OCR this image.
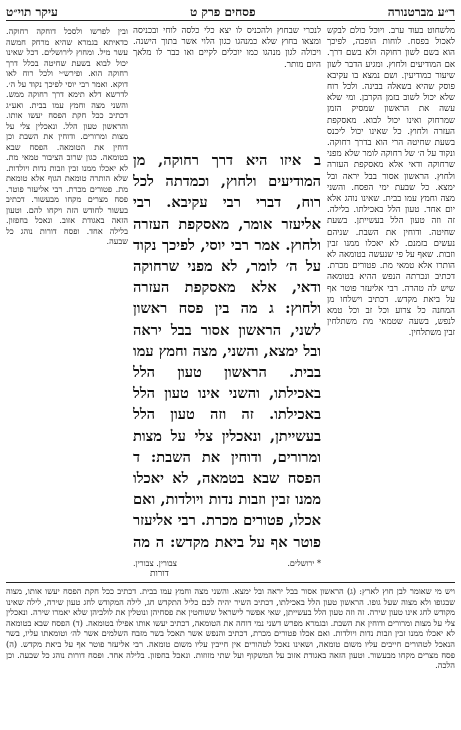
ר״ע מברטנורה
פסחים פרק ט
עיקר תוי״ט
מלשחוט בעוד ערב. ויוכל כולם לבקש לאכול בפסח. לוחות הופכה, לפיכך הוא בשם לשון רחוקה ולא בשם דרך. אם המודיעים ולחוץ. ומגיע הדבר לשון שיעור כמודיעין. ושם נמצא בו עקיבא פוסק שהיא בשאלה בבינה. ולכל רוח שלא יכול לשוב בזמן הקרבן. ומי שלא עשה את הראשון שמסיק הזמן שמרחוק ואינו יכול לבוא. מאסקפת העזרה ולחוץ. כל שאינו יכול ליכנס בשעת שחיטה הרי הוא בדרך רחוקה. ונקוד על ה׳ של רחוקה לומר שלא מפני שרחוקה ודאי אלא מאסקפת העזרה ולחוץ. הראשון אסור בבל יראה ובל ימצא. כל שבעת ימי הפסח. והשני מצה וחמץ עמו בבית. שאינו נוהג אלא יום אחד. טעון הלל באכילתו. בלילה. זה וזה טעון הלל בעשייתן. בשעת שחיטה. ודוחין את השבת. שניהם נעשים בזמנם. לא יאכלו ממנו זבין וזבות. שאף על פי שנעשה בטומאה לא הותרו אלא טמאי מת. פטורים מכרת. דכתיב ונכרתה הנפש ההיא בטומאה שיש לה טהרה. רבי אליעזר פוטר אף על ביאת מקדש. דכתיב וישלחו מן המחנה כל צרוע וכל זב וכל טמא לנפש, בשעה שטמאי מת משתלחין זבין משתלחין.
לנכרי שבחוץ ולהכניס לו יצא כלי כלסה לוחי ובכניסה ומצאו בחוץ שלא כמנהגו כגון הלוי אשר בתוך הישנה. ויכולה לגון מנהגו כמו יוכלים לקיים ואו כבר לו מלאך היום מותר.
ב איזו היא דרך רחוקה, מן המודיעים ולחוץ, וכמדתה לכל רוח, דברי רבי עקיבא. רבי אליעזר אומר, מאסקפת העזרה ולחוץ. אמר רבי יוסי, לפיכך נקוד על ה׳ לומר, לא מפני שרחוקה ודאי, אלא מאסקפת העזרה ולחוץ: ג מה בין פסח ראשון לשני, הראשון אסור בבל יראה ובל ימצא, והשני, מצה וחמץ עמו בבית. הראשון טעון הלל באכילתו, והשני אינו טעון הלל באכילתו. זה וזה טעון הלל בעשייתן, ונאכלין צלי על מצות ומרורים, ודוחין את השבת: ד הפסח שבא בטמאה, לא יאכלו ממנו זבין וזבות נדות ויולדות, ואם אכלו, פטורים מכרת. רבי אליעזר פוטר אף על ביאת מקדש: ה מה
ובין לפרשו ולסכל דוחקה רחוקה. כדאיתא בגמרא שהיא מרחק חמשה עשר מיל. ומחוץ לירושלים. דכל שאינו יכול לבוא בשעת שחיטה בכלל דרך רחוקה הוא. ופירש״י ולכל רוח לאו דוקא. ואמר רבי יוסי לפיכך נקוד על ה׳. לדרשא דלא תימא דרך רחוקה ממש. והשני מצה וחמץ עמו בבית. ואע״ג דכתיב ככל חקת הפסח יעשו אותו. והראשון טעון הלל. ונאכלין צלי על מצות ומרורים. ודוחין את השבת וכן דוחין את הטומאה. הפסח שבא בטומאה. כגון שרוב הציבור טמאי מת. לא יאכלו ממנו זבין וזבות נדות ויולדות. שלא הותרה טומאת הגוף אלא טומאת מת. פטורים מכרת. רבי אליעזר פוטר. פסח מצרים מקחו מבעשור. דכתיב בעשור לחודש הזה ויקחו להם. וטעון הזאה באגודת אזוב. ונאכל בחפזון. בלילה אחד. ופסח דורות נוהג כל שבעה.
* ירושלים.
צבורין. צבורין.
דורות
ויש מי שאומר לבן חוץ לארץ: (ג) הראשון אסור בבל יראה ובל ימצא. והשני מצה וחמץ עמו בבית. דכתיב ככל חקת הפסח יעשו אותו, מצוה שבגופו ולא מצוה שעל גופו. הראשון טעון הלל באכילתו, דכתיב השיר יהיה לכם כליל התקדש חג, לילה המקודש לחג טעון שירה, לילה שאינו מקודש לחג אינו טעון שירה. זה וזה טעון הלל בעשייתן, שאי אפשר לישראל ששוחטין את פסחיהן ונוטלין את לולביהן שלא יאמרו שירה. ונאכלין צלי על מצות ומרורים ודוחין את השבת. ובגמרא מפרש דשני נמי דוחה את הטומאה, דכתיב יעשו אותו אפילו בטומאה. (ד) הפסח שבא בטומאה לא יאכלו ממנו זבין וזבות נדות ויולדות. ואם אכלו פטורים מכרת, דכתיב והנפש אשר תאכל בשר מזבח השלמים אשר לה׳ וטומאתו עליו, בשר הנאכל לטהורים חייבים עליו משום טומאה, ושאינו נאכל לטהורים אין חייבין עליו משום טומאה. רבי אליעזר פוטר אף על ביאת מקדש. (ה) פסח מצרים מקחו מבעשור. וטעון הזאה באגודת אזוב על המשקוף ועל שתי מזוזות. ונאכל בחפזון. בלילה אחד. ופסח דורות נוהג כל שבעה. וכן הלכה.
